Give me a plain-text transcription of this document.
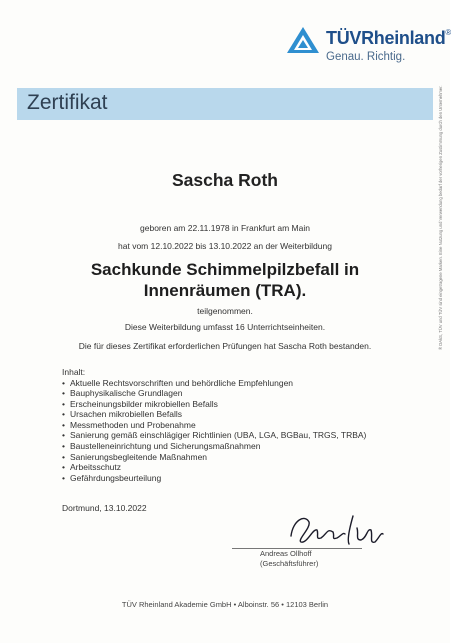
TÜVRheinland®
Genau. Richtig.
Zertifikat
Sascha Roth
geboren am 22.11.1978 in Frankfurt am Main
hat vom 12.10.2022 bis 13.10.2022 an der Weiterbildung
Sachkunde Schimmelpilzbefall in
Innenräumen (TRA).
teilgenommen.
Diese Weiterbildung umfasst 16 Unterrichtseinheiten.
Die für dieses Zertifikat erforderlichen Prüfungen hat Sascha Roth bestanden.
Inhalt:
• Aktuelle Rechtsvorschriften und behördliche Empfehlungen
• Bauphysikalische Grundlagen
• Erscheinungsbilder mikrobiellen Befalls
• Ursachen mikrobiellen Befalls
• Messmethoden und Probenahme
• Sanierung gemäß einschlägiger Richtlinien (UBA, LGA, BGBau, TRGS, TRBA)
• Baustelleneinrichtung und Sicherungsmaßnahmen
• Sanierungsbegleitende Maßnahmen
• Arbeitsschutz
• Gefährdungsbeurteilung
Dortmund, 13.10.2022
Andreas Ollhoff
(Geschäftsführer)
TÜV Rheinland Akademie GmbH • Alboinstr. 56 • 12103 Berlin
® DAkS, TÜV und TÜV sind eingetragene Marken. Eine Nutzung und Verwendung bedarf der vorherigen Zustimmung durch den Unternehmer.
